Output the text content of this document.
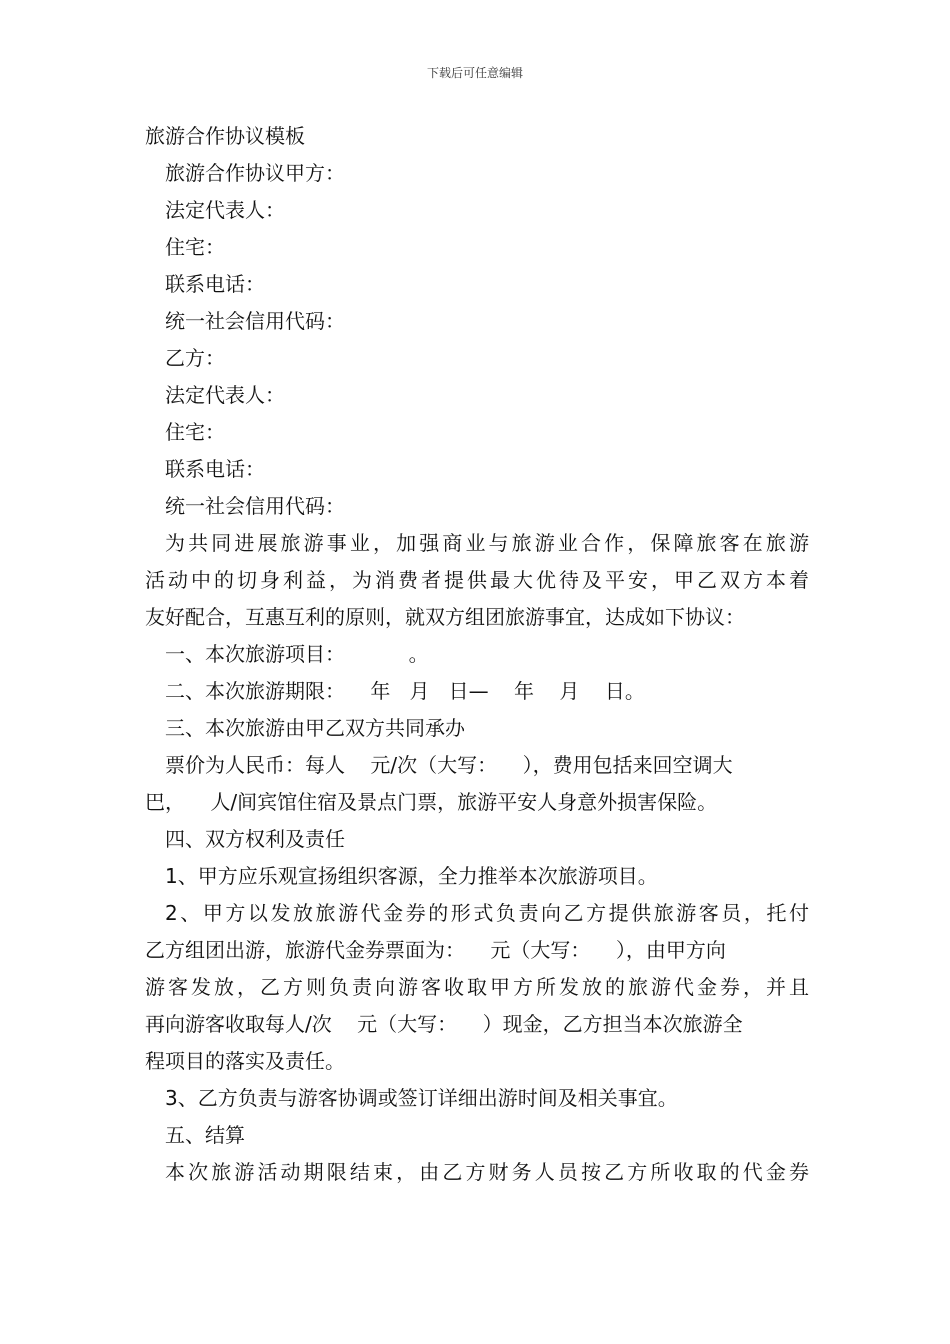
下载后可任意编辑
旅游合作协议模板
旅游合作协议甲方：
法定代表人：
住宅：
联系电话：
统一社会信用代码：
乙方：
法定代表人：
住宅：
联系电话：
统一社会信用代码：
为共同进展旅游事业，加强商业与旅游业合作，保障旅客在旅游
活动中的切身利益，为消费者提供最大优待及平安，甲乙双方本着
友好配合，互惠互利的原则，就双方组团旅游事宜，达成如下协议：
一、本次旅游项目：          。
二、本次旅游期限：    年   月   日—    年    月    日。
三、本次旅游由甲乙双方共同承办
票价为人民币：每人    元/次（大写：    ），费用包括来回空调大
巴，    人/间宾馆住宿及景点门票，旅游平安人身意外损害保险。
四、双方权利及责任
1、甲方应乐观宣扬组织客源，全力推举本次旅游项目。
2、甲方以发放旅游代金券的形式负责向乙方提供旅游客员，托付
乙方组团出游，旅游代金券票面为：    元（大写：    ），由甲方向
游客发放，乙方则负责向游客收取甲方所发放的旅游代金券，并且
再向游客收取每人/次    元（大写：    ）现金，乙方担当本次旅游全
程项目的落实及责任。
3、乙方负责与游客协调或签订详细出游时间及相关事宜。
五、结算
本次旅游活动期限结束，由乙方财务人员按乙方所收取的代金券
